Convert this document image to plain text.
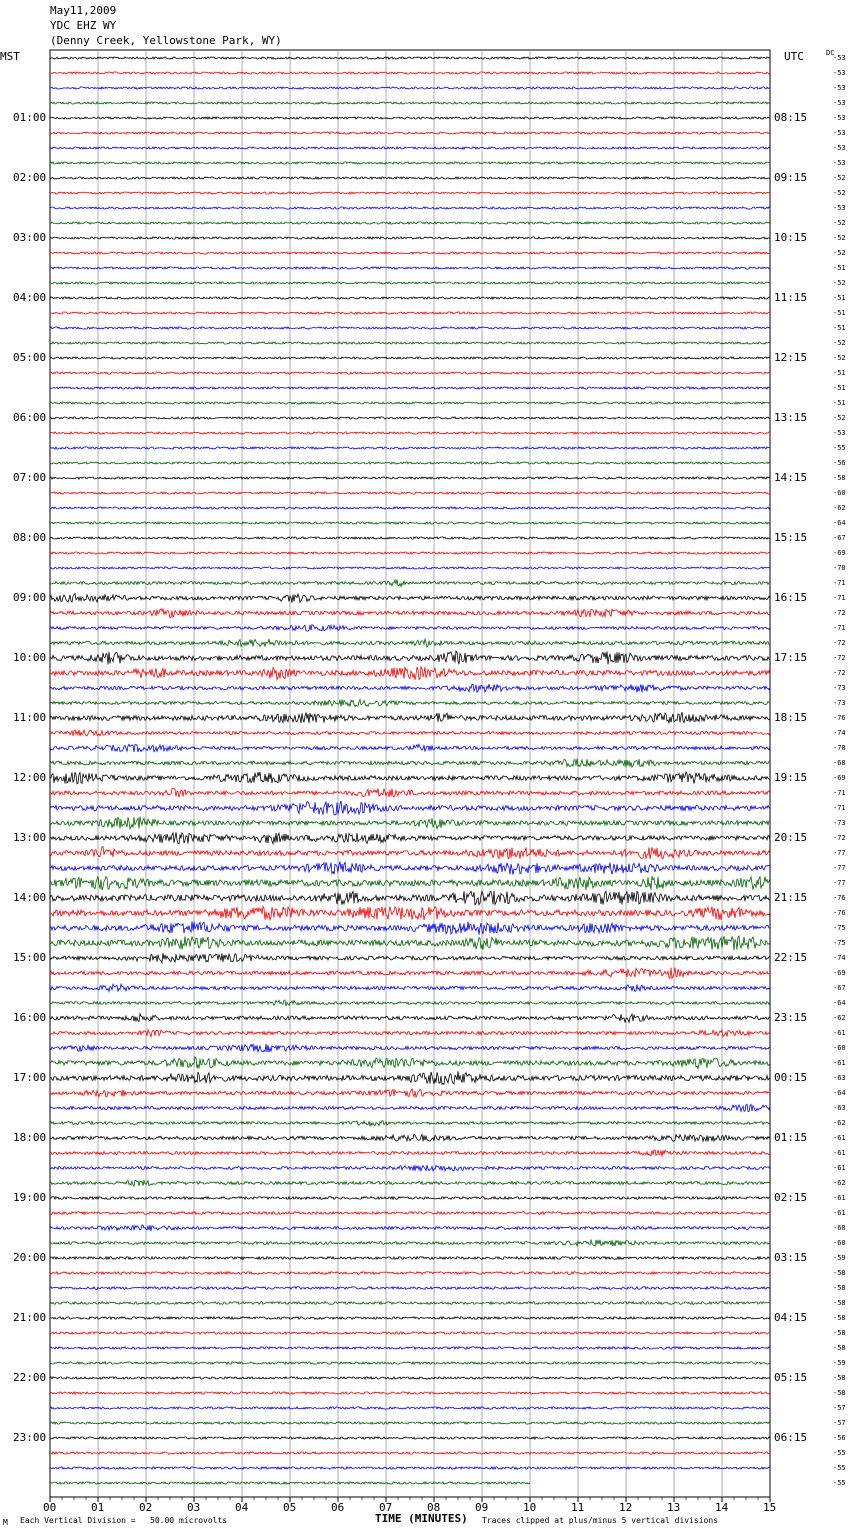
May11,2009
YDC EHZ WY
(Denny Creek, Yellowstone Park, WY)
MST	UTC	DC
01:00
02:00
03:00
04:00
05:00
06:00
07:00
08:00
09:00
10:00
11:00
12:00
13:00
14:00
15:00
16:00
17:00
18:00
19:00
20:00
21:00
22:00
23:00
08:15
09:15
10:15
11:15
12:15
13:15
14:15
15:15
16:15
17:15
18:15
19:15
20:15
21:15
22:15
23:15
00:15
01:15
02:15
03:15
04:15
05:15
06:15
-53
-53
-53
-53
-53
-53
-53
-53
-52
-52
-53
-52
-52
-52
-51
-52
-51
-51
-51
-52
-52
-51
-51
-51
-52
-53
-55
-56
-58
-60
-62
-64
-67
-69
-70
-71
-71
-72
-71
-72
-72
-72
-73
-73
-76
-74
-70
-68
-69
-71
-71
-73
-72
-77
-77
-77
-76
-76
-75
-75
-74
-69
-67
-64
-62
-61
-60
-61
-63
-64
-63
-62
-61
-61
-61
-62
-61
-61
-60
-60
-59
-58
-58
-58
-58
-58
-58
-59
-58
-58
-57
-57
-56
-55
-55
-55
00	01	02	03	04	05	06	07	08	09	10	11	12	13	14	15
M Each Vertical Division =   50.00 microvolts	TIME (MINUTES) Traces clipped at plus/minus 5 vertical divisions
